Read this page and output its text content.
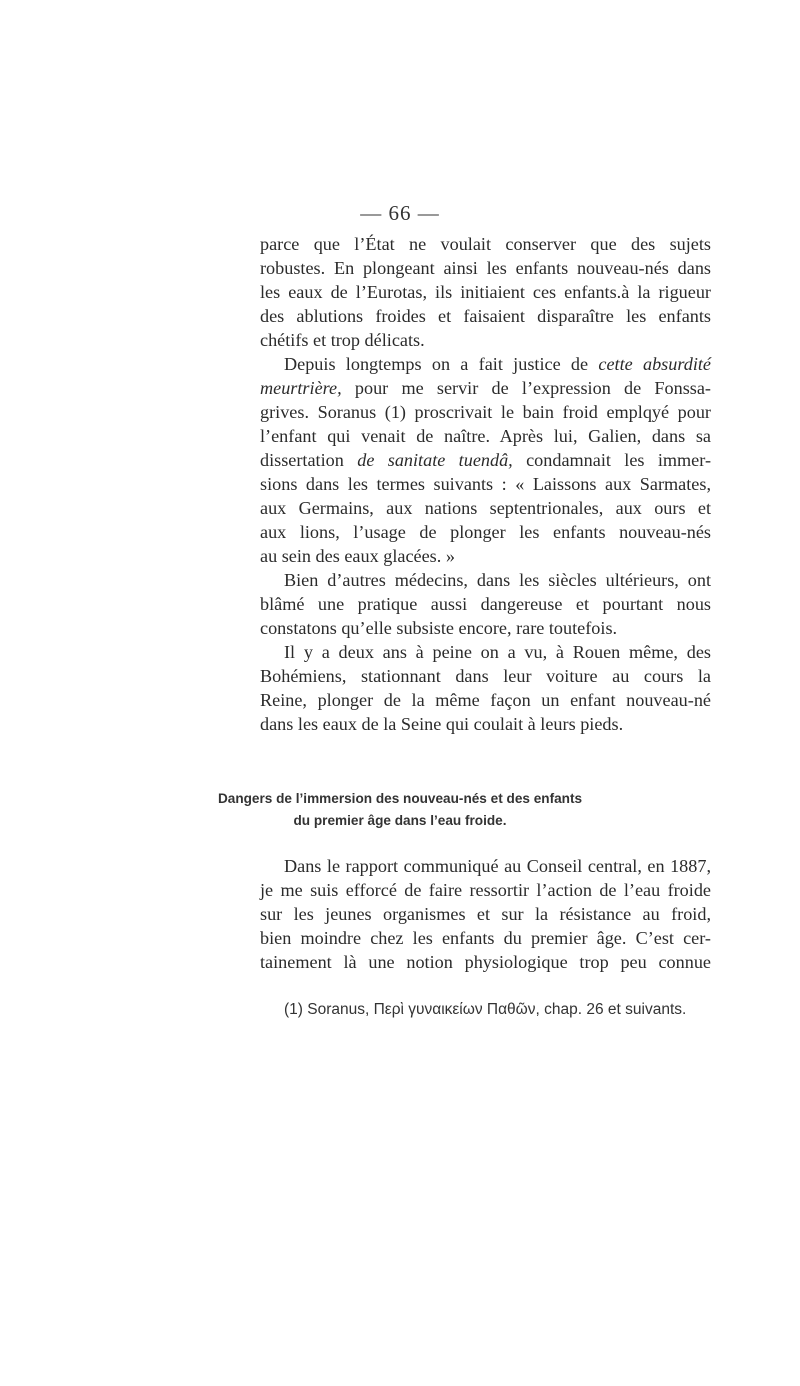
— 66 —
parce que l’État ne voulait conserver que des sujets
robustes. En plongeant ainsi les enfants nouveau-nés dans
les eaux de l’Eurotas, ils initiaient ces enfants.à la rigueur
des ablutions froides et faisaient disparaître les enfants
chétifs et trop délicats.
Depuis longtemps on a fait justice de cette absurdité
meurtrière, pour me servir de l’expression de Fonssa-
grives. Soranus (1) proscrivait le bain froid emplqyé pour
l’enfant qui venait de naître. Après lui, Galien, dans sa
dissertation de sanitate tuendâ, condamnait les immer-
sions dans les termes suivants : « Laissons aux Sarmates,
aux Germains, aux nations septentrionales, aux ours et
aux lions, l’usage de plonger les enfants nouveau-nés
au sein des eaux glacées. »
Bien d’autres médecins, dans les siècles ultérieurs, ont
blâmé une pratique aussi dangereuse et pourtant nous
constatons qu’elle subsiste encore, rare toutefois.
Il y a deux ans à peine on a vu, à Rouen même, des
Bohémiens, stationnant dans leur voiture au cours la
Reine, plonger de la même façon un enfant nouveau-né
dans les eaux de la Seine qui coulait à leurs pieds.
Dangers de l’immersion des nouveau-nés et des enfants
du premier âge dans l’eau froide.
Dans le rapport communiqué au Conseil central, en 1887,
je me suis efforcé de faire ressortir l’action de l’eau froide
sur les jeunes organismes et sur la résistance au froid,
bien moindre chez les enfants du premier âge. C’est cer-
tainement là une notion physiologique trop peu connue
(1) Soranus, Περὶ γυναικείων Παθῶν, chap. 26 et suivants.
